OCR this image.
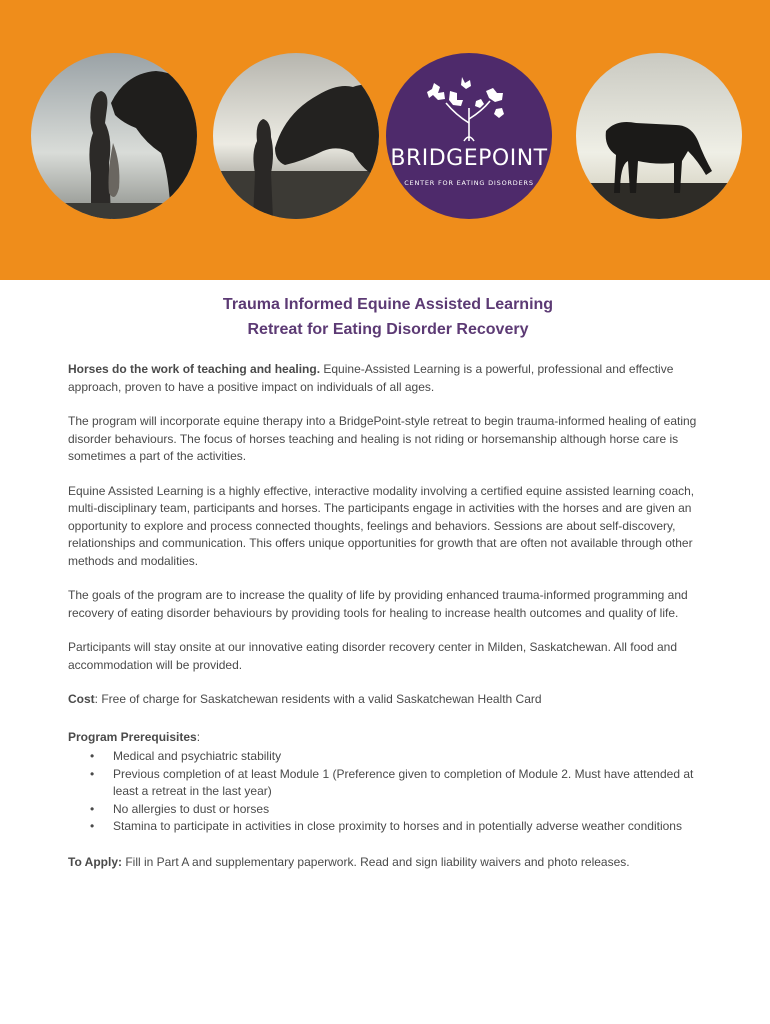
BRIDGEPOINT
CENTER FOR EATING DISORDERS
Trauma Informed Equine Assisted Learning
Retreat for Eating Disorder Recovery

Horses do the work of teaching and healing. Equine-Assisted Learning is a powerful, professional and effective approach, proven to have a positive impact on individuals of all ages.

The program will incorporate equine therapy into a BridgePoint-style retreat to begin trauma-informed healing of eating disorder behaviours. The focus of horses teaching and healing is not riding or horsemanship although horse care is sometimes a part of the activities.

Equine Assisted Learning is a highly effective, interactive modality involving a certified equine assisted learning coach, multi-disciplinary team, participants and horses. The participants engage in activities with the horses and are given an opportunity to explore and process connected thoughts, feelings and behaviors. Sessions are about self-discovery, relationships and communication. This offers unique opportunities for growth that are often not available through other methods and modalities.

The goals of the program are to increase the quality of life by providing enhanced trauma-informed programming and recovery of eating disorder behaviours by providing tools for healing to increase health outcomes and quality of life.

Participants will stay onsite at our innovative eating disorder recovery center in Milden, Saskatchewan. All food and accommodation will be provided.

Cost: Free of charge for Saskatchewan residents with a valid Saskatchewan Health Card

Program Prerequisites:

• Medical and psychiatric stability
• Previous completion of at least Module 1 (Preference given to completion of Module 2. Must have attended at least a retreat in the last year)
• No allergies to dust or horses
• Stamina to participate in activities in close proximity to horses and in potentially adverse weather conditions

To Apply: Fill in Part A and supplementary paperwork. Read and sign liability waivers and photo releases.
